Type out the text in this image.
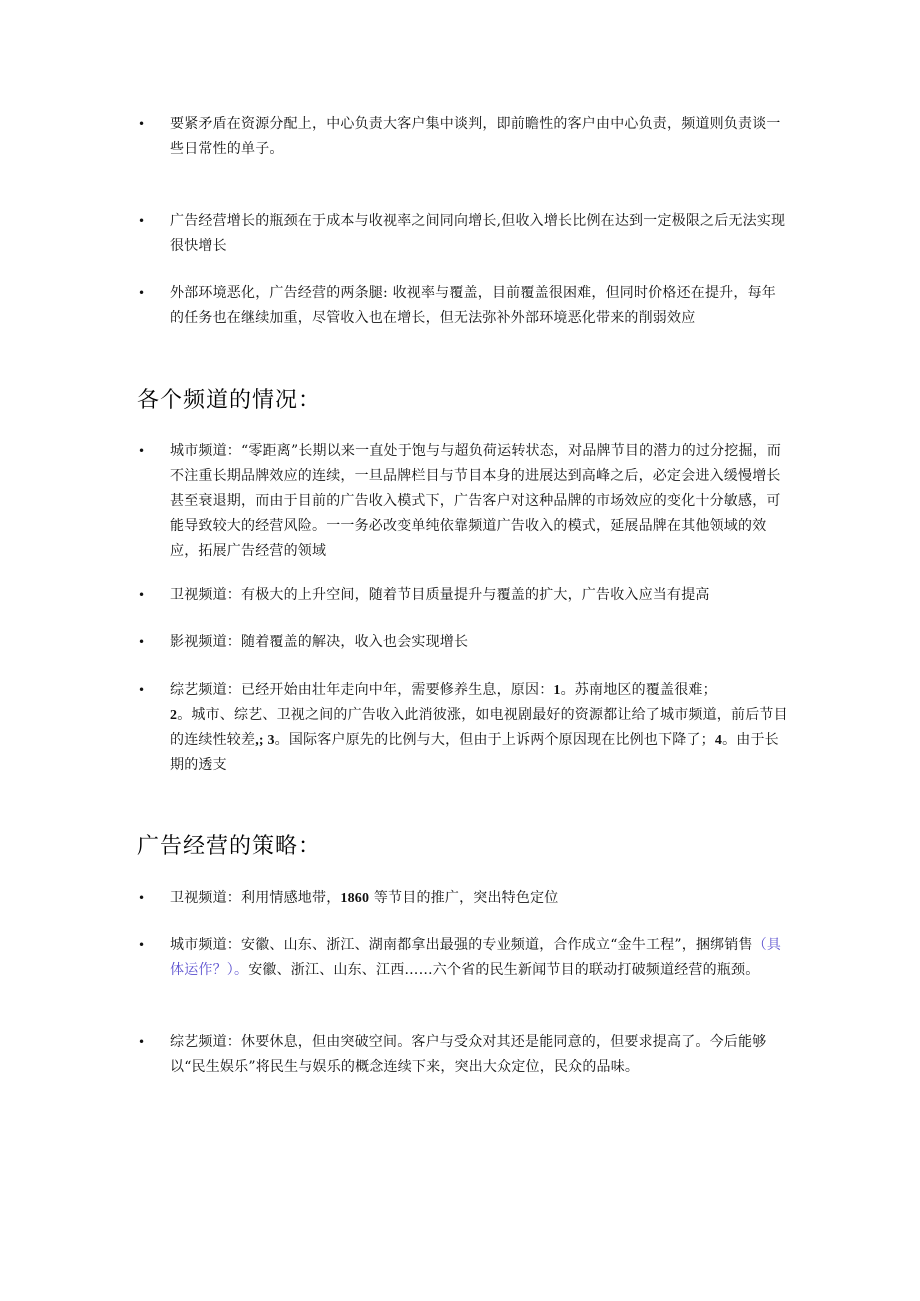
• 要紧矛盾在资源分配上，中心负责大客户集中谈判，即前瞻性的客户由中心负责，频道则负责谈一些日常性的单子。
• 广告经营增长的瓶颈在于成本与收视率之间同向增长,但收入增长比例在达到一定极限之后无法实现很快增长
• 外部环境恶化，广告经营的两条腿: 收视率与覆盖，目前覆盖很困难，但同时价格还在提升，每年的任务也在继续加重，尽管收入也在增长，但无法弥补外部环境恶化带来的削弱效应
各个频道的情况：
• 城市频道：“零距离”长期以来一直处于饱与与超负荷运转状态，对品牌节目的潜力的过分挖掘，而不注重长期品牌效应的连续，一旦品牌栏目与节目本身的进展达到高峰之后，必定会进入缓慢增长甚至衰退期，而由于目前的广告收入模式下，广告客户对这种品牌的市场效应的变化十分敏感，可能导致较大的经营风险。一一务必改变单纯依靠频道广告收入的模式，延展品牌在其他领域的效应，拓展广告经营的领域
• 卫视频道：有极大的上升空间，随着节目质量提升与覆盖的扩大，广告收入应当有提高
• 影视频道：随着覆盖的解决，收入也会实现增长
• 综艺频道：已经开始由壮年走向中年，需要修养生息，原因：1。苏南地区的覆盖很难；
2。城市、综艺、卫视之间的广告收入此消彼涨，如电视剧最好的资源都让给了城市频道，前后节目的连续性较差,; 3。国际客户原先的比例与大，但由于上诉两个原因现在比例也下降了；4。由于长期的透支
广告经营的策略：
• 卫视频道：利用情感地带，1860 等节目的推广，突出特色定位
• 城市频道：安徽、山东、浙江、湖南都拿出最强的专业频道，合作成立“金牛工程”，捆绑销售（具体运作？）。安徽、浙江、山东、江西……六个省的民生新闻节目的联动打破频道经营的瓶颈。
• 综艺频道：休要休息，但由突破空间。客户与受众对其还是能同意的，但要求提高了。今后能够以“民生娱乐”将民生与娱乐的概念连续下来，突出大众定位，民众的品味。
